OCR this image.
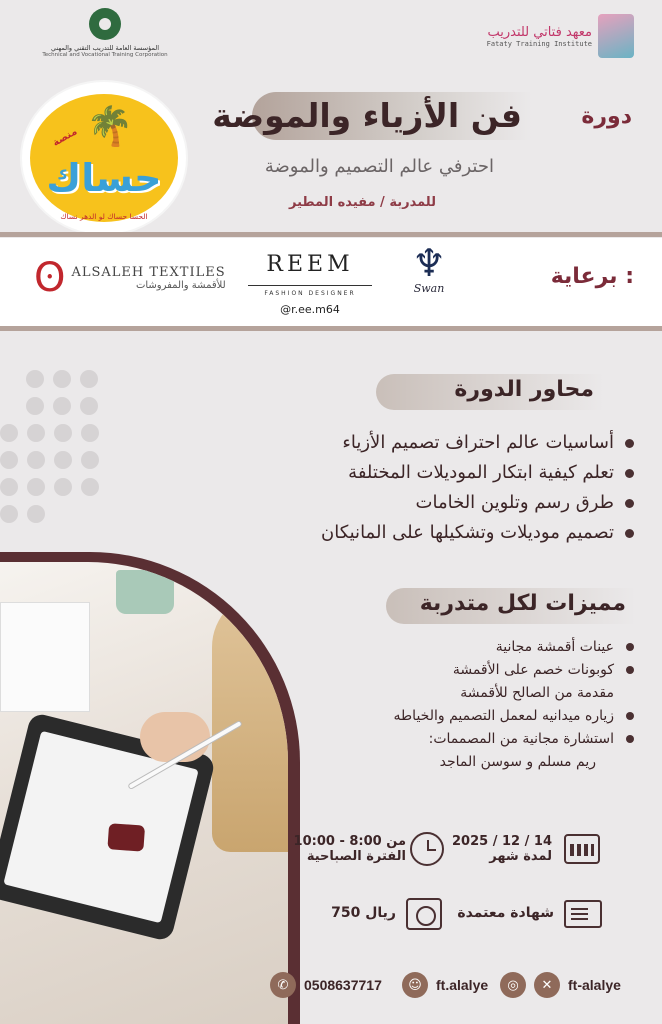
المؤسسة العامة للتدريب التقني والمهني
Technical and Vocational Training Corporation
معهد فتاتي للتدريب
Fataty Training Institute
🌴
منصة
حساك
الحسا حساك لو الدهر نساك
فن الأزياء والموضة	دورة
احترفي عالم التصميم والموضة
للمدربة / مفيده المطير
برعاية :
♆
Swan
REEM
FASHION DESIGNER
@r.ee.m64
ʘ ALSALEH TEXTILES
للأقمشة والمفروشات
محاور الدورة
أساسيات عالم احتراف تصميم الأزياء
تعلم كيفية ابتكار الموديلات المختلفة
طرق رسم وتلوين الخامات
تصميم موديلات وتشكيلها على المانيكان
مميزات لكل متدربة
عينات أقمشة مجانية
كوبونات خصم على الأقمشة
مقدمة من الصالح للأقمشة
زياره ميدانيه لمعمل التصميم والخياطه
استشارة مجانية من المصممات:
ريم مسلم و سوسن الماجد
14 / 12 / 2025
لمدة شهر
من 8:00 - 10:00
الفترة الصباحية
شهادة معتمدة
750 ريال
✆	0508637717	☺	ft.alalye	◎	✕	ft-alalye
